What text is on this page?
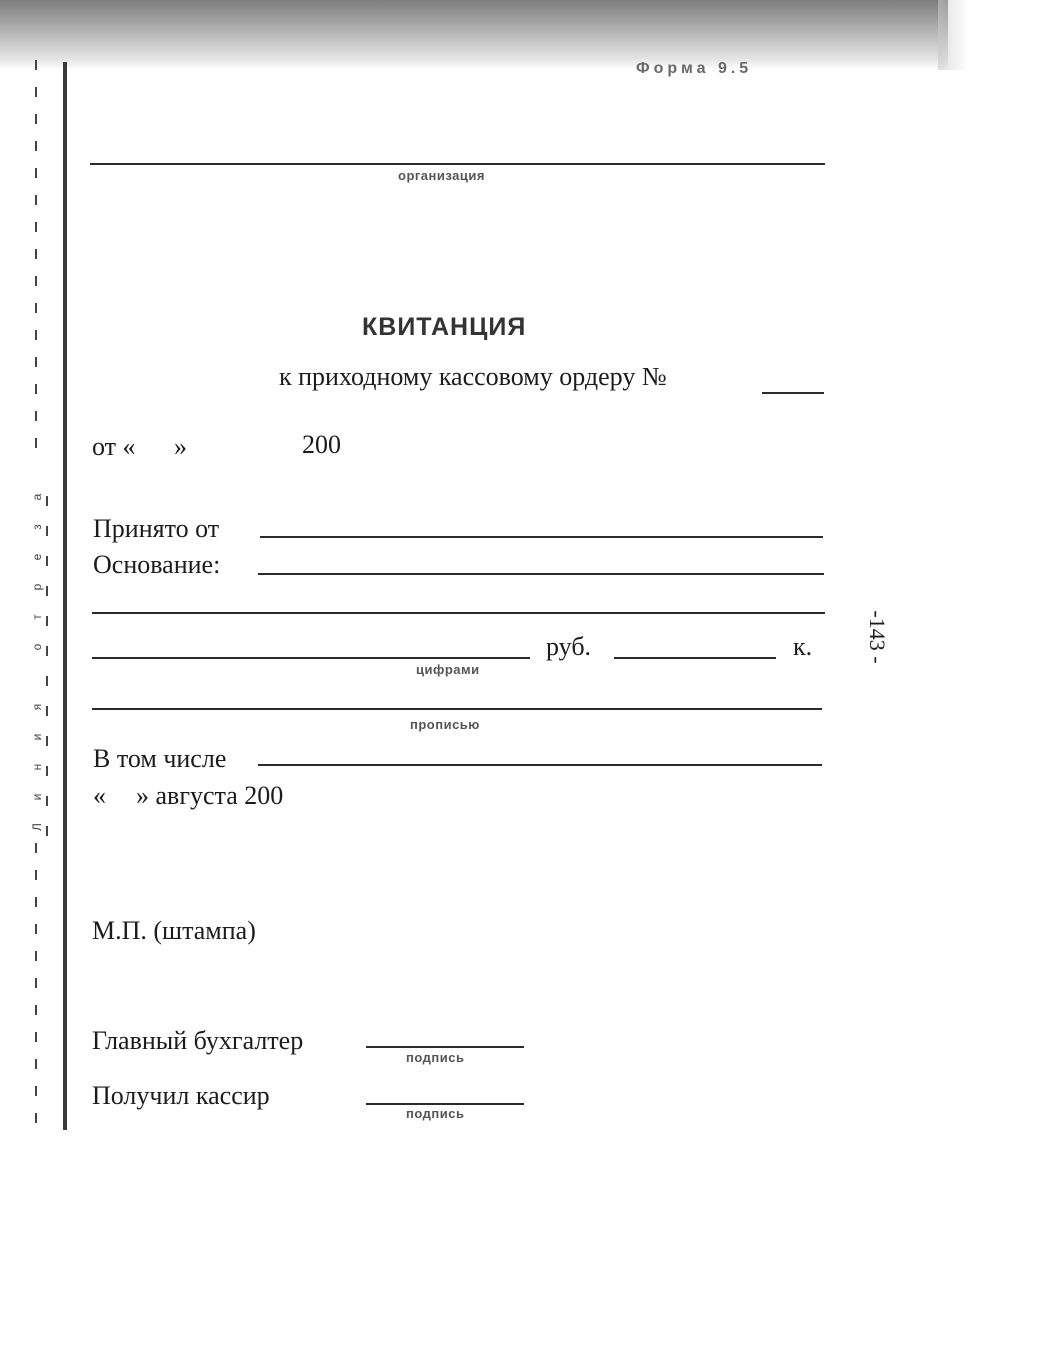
Л
и
н
и
я
о
т
р
е
з
а
Форма 9.5
организация
КВИТАНЦИЯ
к приходному кассовому ордеру №
от « »	200
Принято от
Основание:
руб.	к.
цифрами
прописью
В том числе
« » августа 200
М.П. (штампа)
Главный бухгалтер
подпись
Получил кассир
подпись
-143 -
